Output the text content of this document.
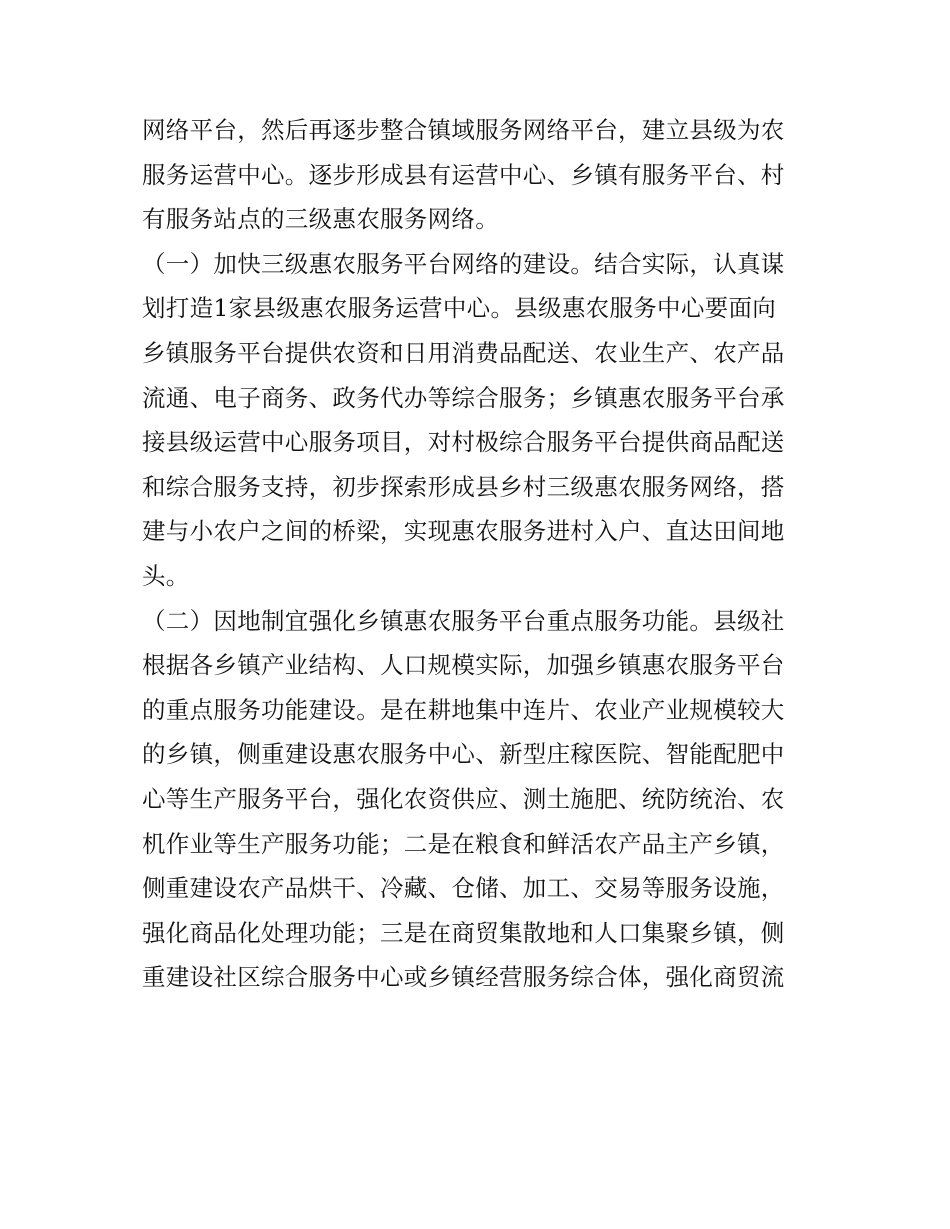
网络平台，然后再逐步整合镇域服务网络平台，建立县级为农
服务运营中心。逐步形成县有运营中心、乡镇有服务平台、村
有服务站点的三级惠农服务网络。
（一）加快三级惠农服务平台网络的建设。结合实际，认真谋
划打造1家县级惠农服务运营中心。县级惠农服务中心要面向
乡镇服务平台提供农资和日用消费品配送、农业生产、农产品
流通、电子商务、政务代办等综合服务；乡镇惠农服务平台承
接县级运营中心服务项目，对村极综合服务平台提供商品配送
和综合服务支持，初步探索形成县乡村三级惠农服务网络，搭
建与小农户之间的桥梁，实现惠农服务进村入户、直达田间地
头。
（二）因地制宜强化乡镇惠农服务平台重点服务功能。县级社
根据各乡镇产业结构、人口规模实际，加强乡镇惠农服务平台
的重点服务功能建设。是在耕地集中连片、农业产业规模较大
的乡镇，侧重建设惠农服务中心、新型庄稼医院、智能配肥中
心等生产服务平台，强化农资供应、测土施肥、统防统治、农
机作业等生产服务功能；二是在粮食和鲜活农产品主产乡镇，
侧重建设农产品烘干、冷藏、仓储、加工、交易等服务设施，
强化商品化处理功能；三是在商贸集散地和人口集聚乡镇，侧
重建设社区综合服务中心或乡镇经营服务综合体，强化商贸流
